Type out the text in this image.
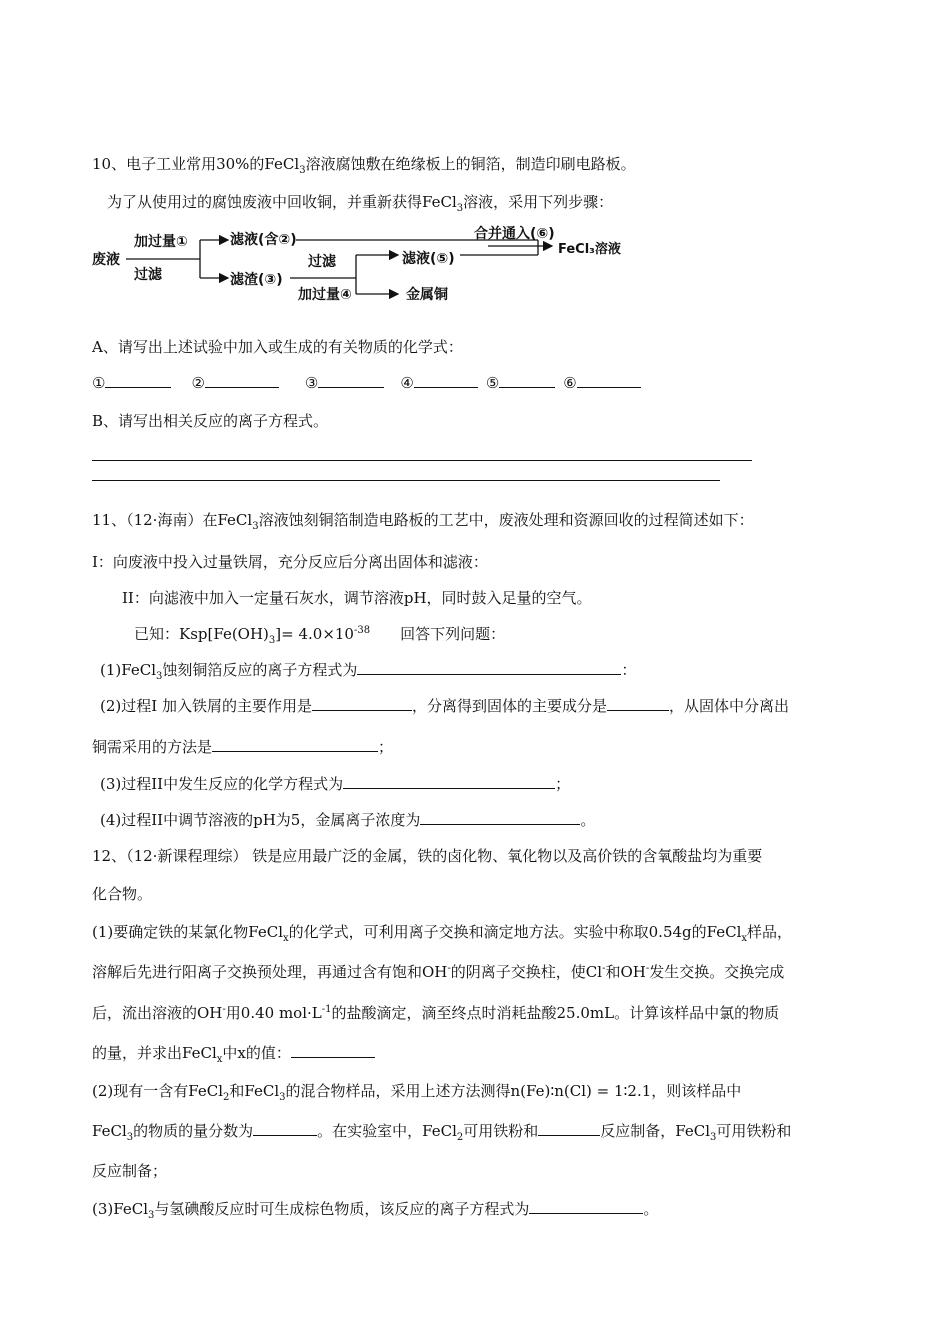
10、电子工业常用30%的FeCl$_3$溶液腐蚀敷在绝缘板上的铜箔，制造印刷电路板。
为了从使用过的腐蚀废液中回收铜，并重新获得FeCl$_3$溶液，采用下列步骤：
废液
加过量①
过滤
滤液(含②)
滤渣(③)
过滤
加过量④
滤液(⑤)
金属铜
合并通入(⑥)
FeCl₃溶液
A、请写出上述试验中加入或生成的有关物质的化学式：
①	②	③	④	⑤	⑥
B、请写出相关反应的离子方程式。
11、（12·海南）在FeCl$_3$溶液蚀刻铜箔制造电路板的工艺中，废液处理和资源回收的过程简述如下：
I：向废液中投入过量铁屑，充分反应后分离出固体和滤液：
II：向滤液中加入一定量石灰水，调节溶液pH，同时鼓入足量的空气。
已知：$Ksp[Fe(OH)_3]= 4.0\times 10^{-38}$ 回答下列问题：
(1)FeCl$_3$蚀刻铜箔反应的离子方程式为	：
(2)过程I 加入铁屑的主要作用是	，分离得到固体的主要成分是	，从固体中分离出
铜需采用的方法是	；
(3)过程II中发生反应的化学方程式为	；
(4)过程II中调节溶液的pH为5，金属离子浓度为	。
12、（12·新课程理综） 铁是应用最广泛的金属，铁的卤化物、氧化物以及高价铁的含氧酸盐均为重要
化合物。
(1)要确定铁的某氯化物FeCl$_x$的化学式，可利用离子交换和滴定地方法。实验中称取0.54g的FeCl$_x$样品，
溶解后先进行阳离子交换预处理，再通过含有饱和OH-的阴离子交换柱，使Cl-和OH-发生交换。交换完成
后，流出溶液的OH-用0.40 $mol\cdot L^{-1}$的盐酸滴定，滴至终点时消耗盐酸25.0mL。计算该样品中氯的物质
的量，并求出FeCl$_x$中x的值：
(2)现有一含有FeCl$_2$和FeCl$_3$的混合物样品，采用上述方法测得n(Fe)∶n(Cl) = 1∶2.1，则该样品中
FeCl$_3$的物质的量分数为	。在实验室中，FeCl$_2$可用铁粉和	反应制备，FeCl$_3$可用铁粉和
反应制备；
(3)FeCl$_3$与氢碘酸反应时可生成棕色物质，该反应的离子方程式为	。
